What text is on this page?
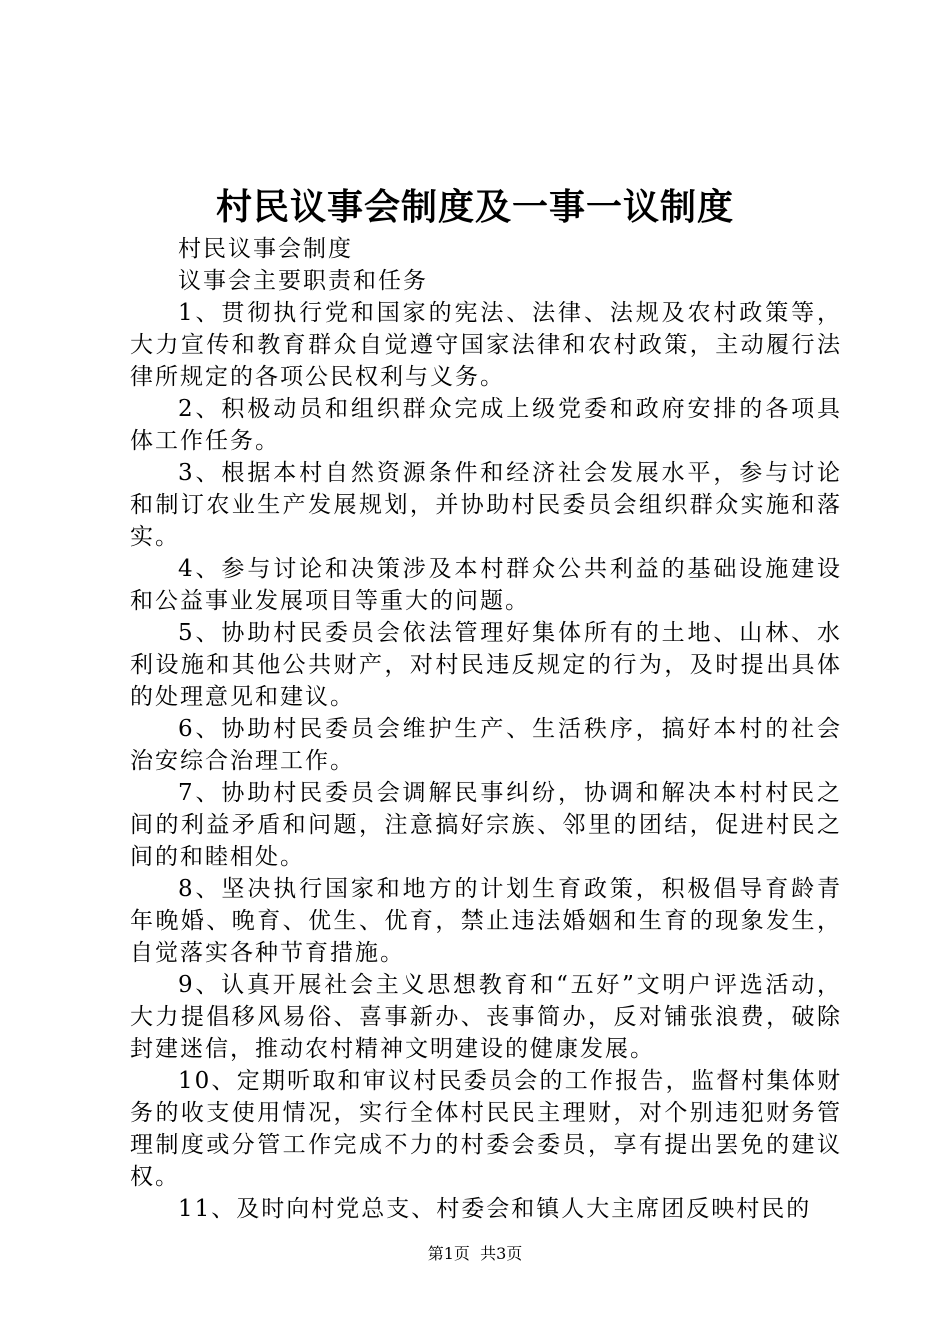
村民议事会制度及一事一议制度

村民议事会制度

议事会主要职责和任务

1、贯彻执行党和国家的宪法、法律、法规及农村政策等，大力宣传和教育群众自觉遵守国家法律和农村政策，主动履行法律所规定的各项公民权利与义务。

2、积极动员和组织群众完成上级党委和政府安排的各项具体工作任务。

3、根据本村自然资源条件和经济社会发展水平，参与讨论和制订农业生产发展规划，并协助村民委员会组织群众实施和落实。

4、参与讨论和决策涉及本村群众公共利益的基础设施建设和公益事业发展项目等重大的问题。

5、协助村民委员会依法管理好集体所有的土地、山林、水利设施和其他公共财产，对村民违反规定的行为，及时提出具体的处理意见和建议。

6、协助村民委员会维护生产、生活秩序，搞好本村的社会治安综合治理工作。

7、协助村民委员会调解民事纠纷，协调和解决本村村民之间的利益矛盾和问题，注意搞好宗族、邻里的团结，促进村民之间的和睦相处。

8、坚决执行国家和地方的计划生育政策，积极倡导育龄青年晚婚、晚育、优生、优育，禁止违法婚姻和生育的现象发生，自觉落实各种节育措施。

9、认真开展社会主义思想教育和“五好”文明户评选活动，大力提倡移风易俗、喜事新办、丧事简办，反对铺张浪费，破除封建迷信，推动农村精神文明建设的健康发展。

10、定期听取和审议村民委员会的工作报告，监督村集体财务的收支使用情况，实行全体村民民主理财，对个别违犯财务管理制度或分管工作完成不力的村委会委员，享有提出罢免的建议权。

11、及时向村党总支、村委会和镇人大主席团反映村民的

第1页 共3页
